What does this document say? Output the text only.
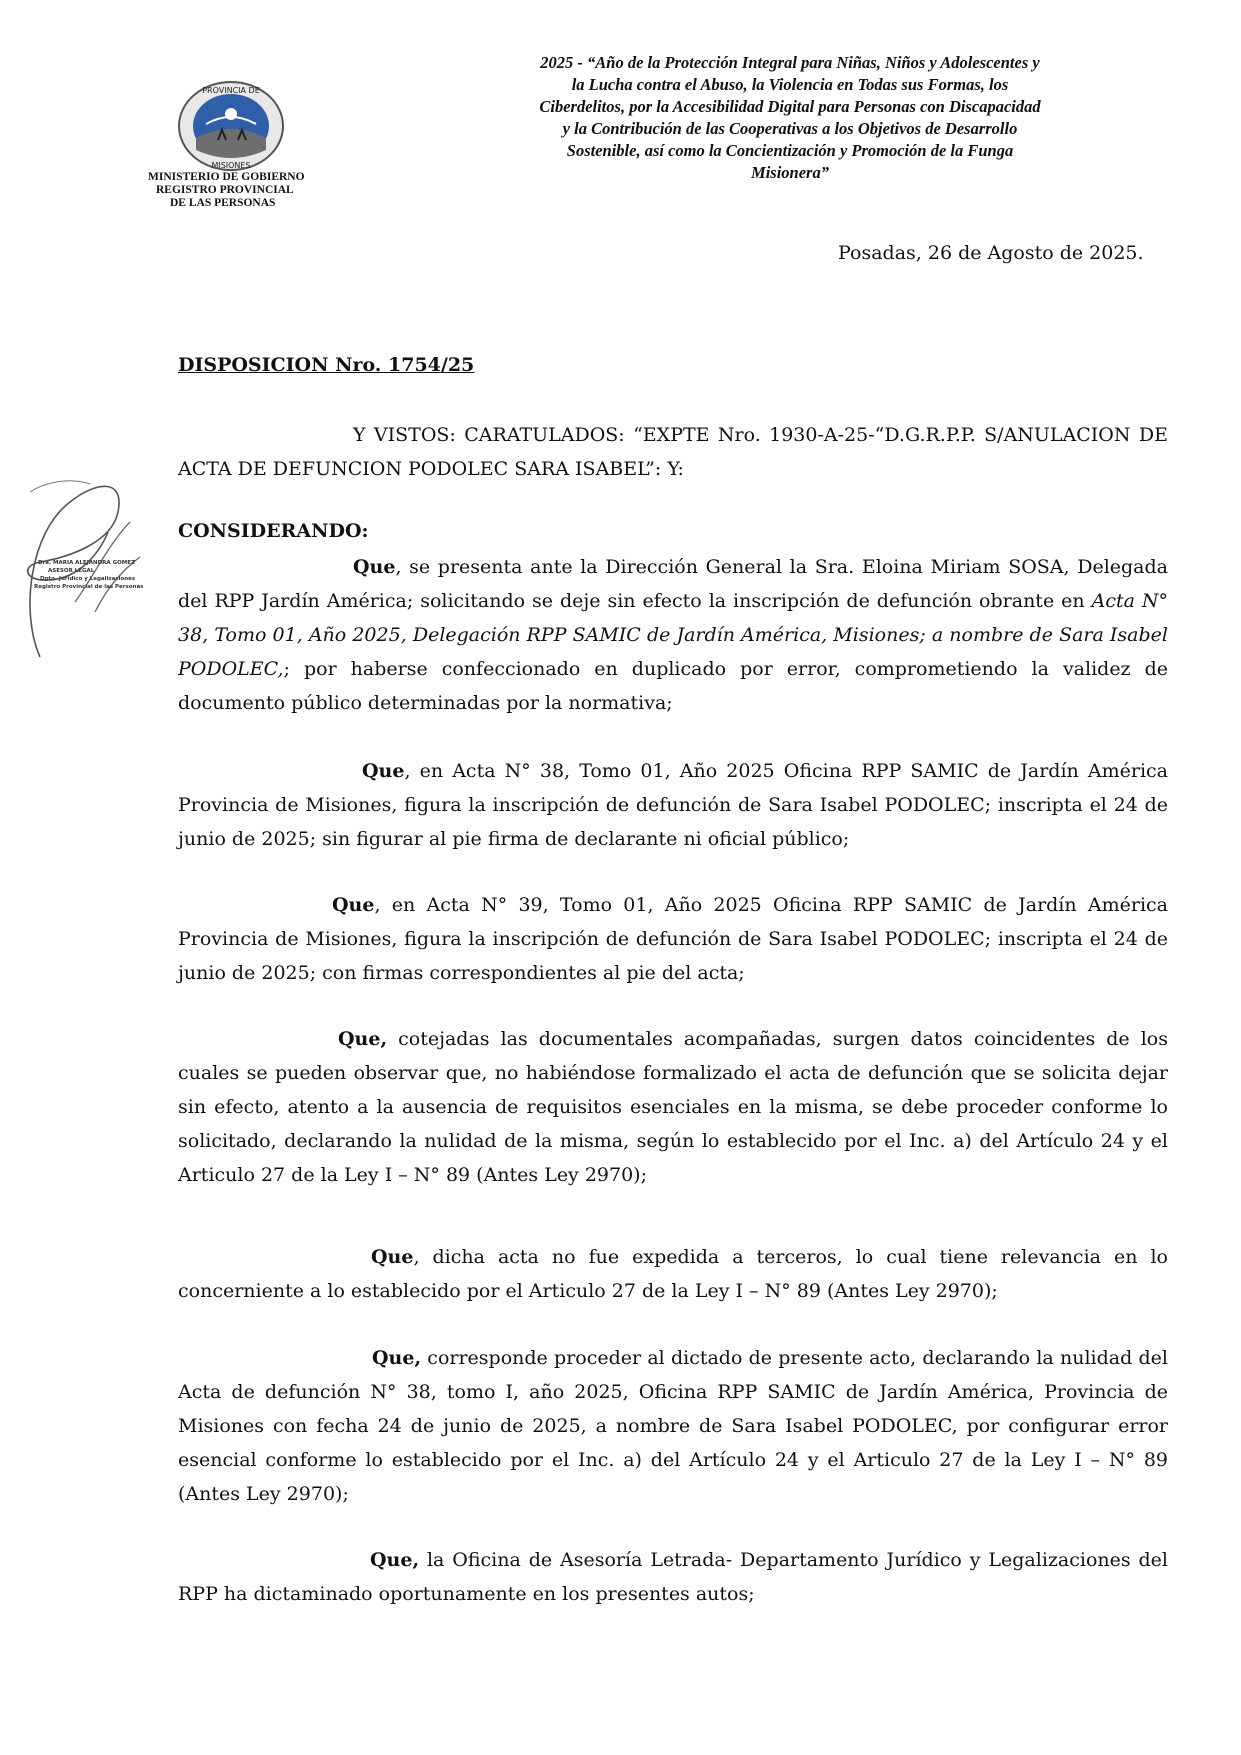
PROVINCIA DE
MISIONES
MINISTERIO DE GOBIERNO
REGISTRO PROVINCIAL
DE LAS PERSONAS
2025 - “Año de la Protección Integral para Niñas, Niños y Adolescentes y
la Lucha contra el Abuso, la Violencia en Todas sus Formas, los
Ciberdelitos, por la Accesibilidad Digital para Personas con Discapacidad
y la Contribución de las Cooperativas a los Objetivos de Desarrollo
Sostenible, así como la Concientización y Promoción de la Funga
Misionera”
Posadas, 26 de Agosto de 2025.
DISPOSICION Nro. 1754/25
Y VISTOS: CARATULADOS: “EXPTE Nro. 1930-A-25-“D.G.R.P.P. S/ANULACION DE ACTA DE DEFUNCION PODOLEC SARA ISABEL”: Y:
CONSIDERANDO:
Que, se presenta ante la Dirección General la Sra. Eloina Miriam SOSA, Delegada del RPP Jardín América; solicitando se deje sin efecto la inscripción de defunción obrante en Acta N° 38, Tomo 01, Año 2025, Delegación RPP SAMIC de Jardín América, Misiones; a nombre de Sara Isabel PODOLEC,; por haberse confeccionado en duplicado por error, comprometiendo la validez de documento público determinadas por la normativa;
Que, en Acta N° 38, Tomo 01, Año 2025 Oficina RPP SAMIC de Jardín América Provincia de Misiones, figura la inscripción de defunción de Sara Isabel PODOLEC; inscripta el 24 de junio de 2025; sin figurar al pie firma de declarante ni oficial público;
Que, en Acta N° 39, Tomo 01, Año 2025 Oficina RPP SAMIC de Jardín América Provincia de Misiones, figura la inscripción de defunción de Sara Isabel PODOLEC; inscripta el 24 de junio de 2025; con firmas correspondientes al pie del acta;
Que, cotejadas las documentales acompañadas, surgen datos coincidentes de los cuales se pueden observar que, no habiéndose formalizado el acta de defunción que se solicita dejar sin efecto, atento a la ausencia de requisitos esenciales en la misma, se debe proceder conforme lo solicitado, declarando la nulidad de la misma, según lo establecido por el Inc. a) del Artículo 24 y el Articulo 27 de la Ley I – N° 89 (Antes Ley 2970);
Que, dicha acta no fue expedida a terceros, lo cual tiene relevancia en lo concerniente a lo establecido por el Articulo 27 de la Ley I – N° 89 (Antes Ley 2970);
Que, corresponde proceder al dictado de presente acto, declarando la nulidad del Acta de defunción N° 38, tomo I, año 2025, Oficina RPP SAMIC de Jardín América, Provincia de Misiones con fecha 24 de junio de 2025, a nombre de Sara Isabel PODOLEC, por configurar error esencial conforme lo establecido por el Inc. a) del Artículo 24 y el Articulo 27 de la Ley I – N° 89 (Antes Ley 2970);
Que, la Oficina de Asesoría Letrada- Departamento Jurídico y Legalizaciones del RPP ha dictaminado oportunamente en los presentes autos;
Dra. MARIA ALEJANDRA GOMEZ
ASESOR LEGAL
Dpto. Jurídico y Legalizaciones
Registro Provincial de las Personas
